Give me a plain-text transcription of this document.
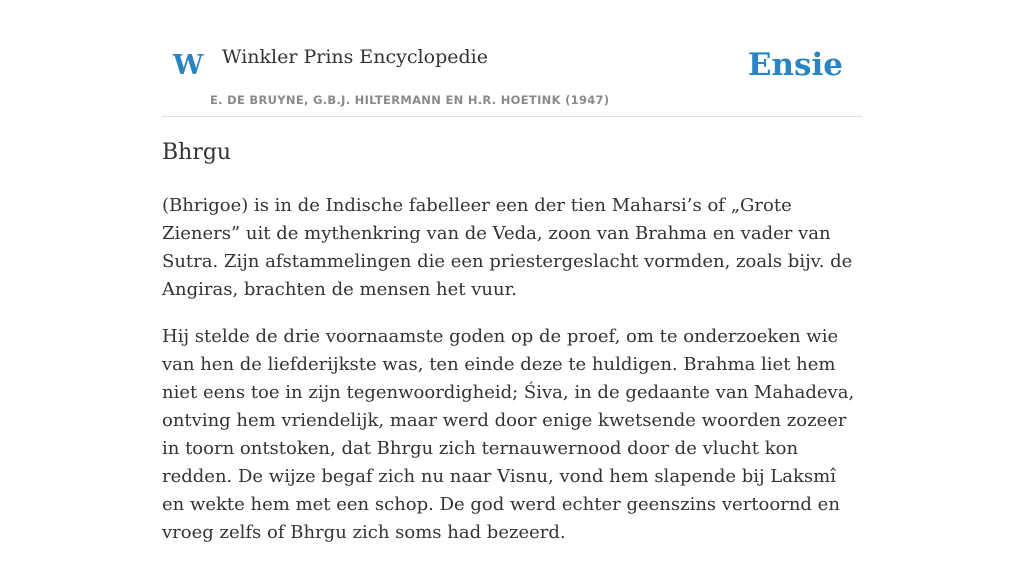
W Winkler Prins Encyclopedie
E. DE BRUYNE, G.B.J. HILTERMANN EN H.R. HOETINK (1947)
Ensie
Bhrgu

(Bhrigoe) is in de Indische fabelleer een der tien Maharsi’s of „Grote Zieners” uit de mythenkring van de Veda, zoon van Brahma en vader van Sutra. Zijn afstammelingen die een priestergeslacht vormden, zoals bijv. de Angiras, brachten de mensen het vuur.

Hij stelde de drie voornaamste goden op de proef, om te onderzoeken wie van hen de liefderijkste was, ten einde deze te huldigen. Brahma liet hem niet eens toe in zijn tegenwoordigheid; Śiva, in de gedaante van Mahadeva, ontving hem vriendelijk, maar werd door enige kwetsende woorden zozeer in toorn ontstoken, dat Bhrgu zich ternauwernood door de vlucht kon redden. De wijze begaf zich nu naar Visnu, vond hem slapende bij Laksmî en wekte hem met een schop. De god werd echter geenszins vertoornd en vroeg zelfs of Bhrgu zich soms had bezeerd.
